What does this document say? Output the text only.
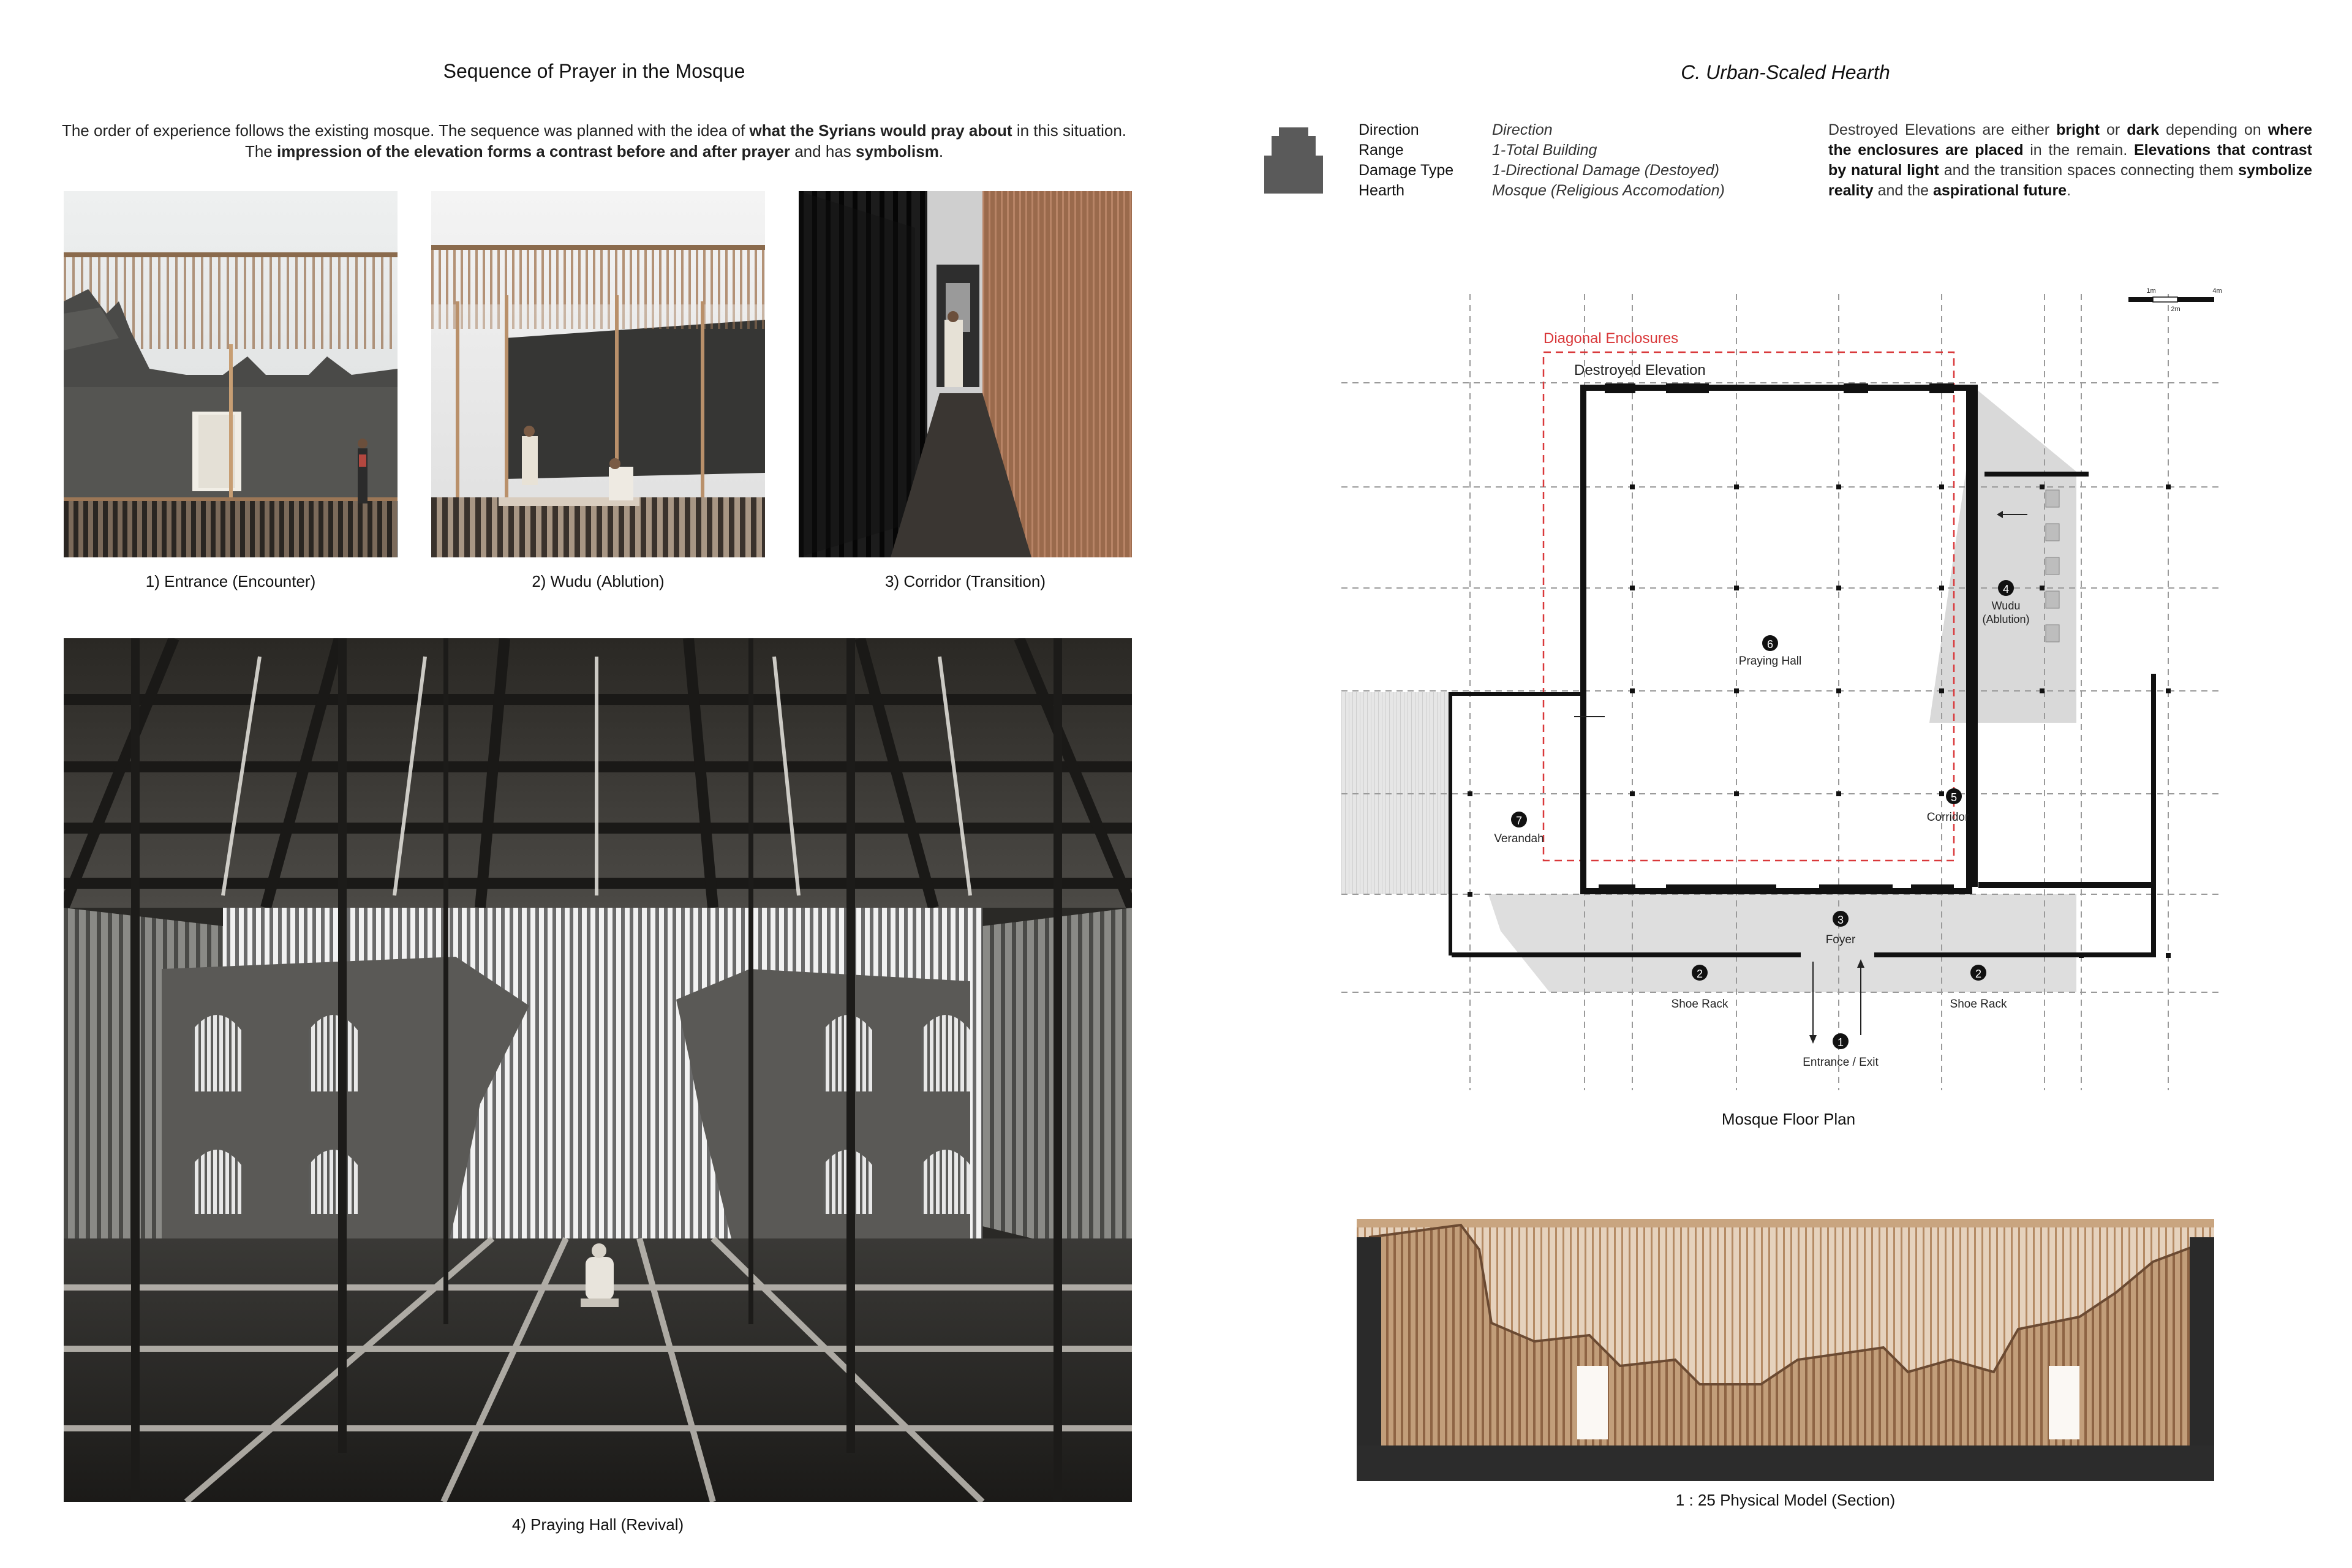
Sequence of Prayer in the Mosque
The order of experience follows the existing mosque. The sequence was planned with the idea of what the Syrians would pray about in this situation. The impression of the elevation forms a contrast before and after prayer and has symbolism.
1) Entrance (Encounter)	2) Wudu (Ablution)	3) Corridor (Transition)
4) Praying Hall (Revival)
C. Urban-Scaled Hearth
Direction	Direction
Range	1-Total Building
Damage Type	1-Directional Damage (Destoyed)
Hearth	Mosque (Religious Accomodation)
Destroyed Elevations are either bright or dark depending on where the enclosures are placed in the remain. Elevations that contrast by natural light and the transition spaces connecting them symbolize reality and the aspirational future.
Diagonal Enclosures
Destroyed Elevation
1
Entrance / Exit
2
Shoe Rack
2
Shoe Rack
3
Foyer
4
Wudu
(Ablution)
5
Corridor
6
Praying Hall
7
Verandah
1m
2m
4m
Mosque Floor Plan
1 : 25 Physical Model (Section)
